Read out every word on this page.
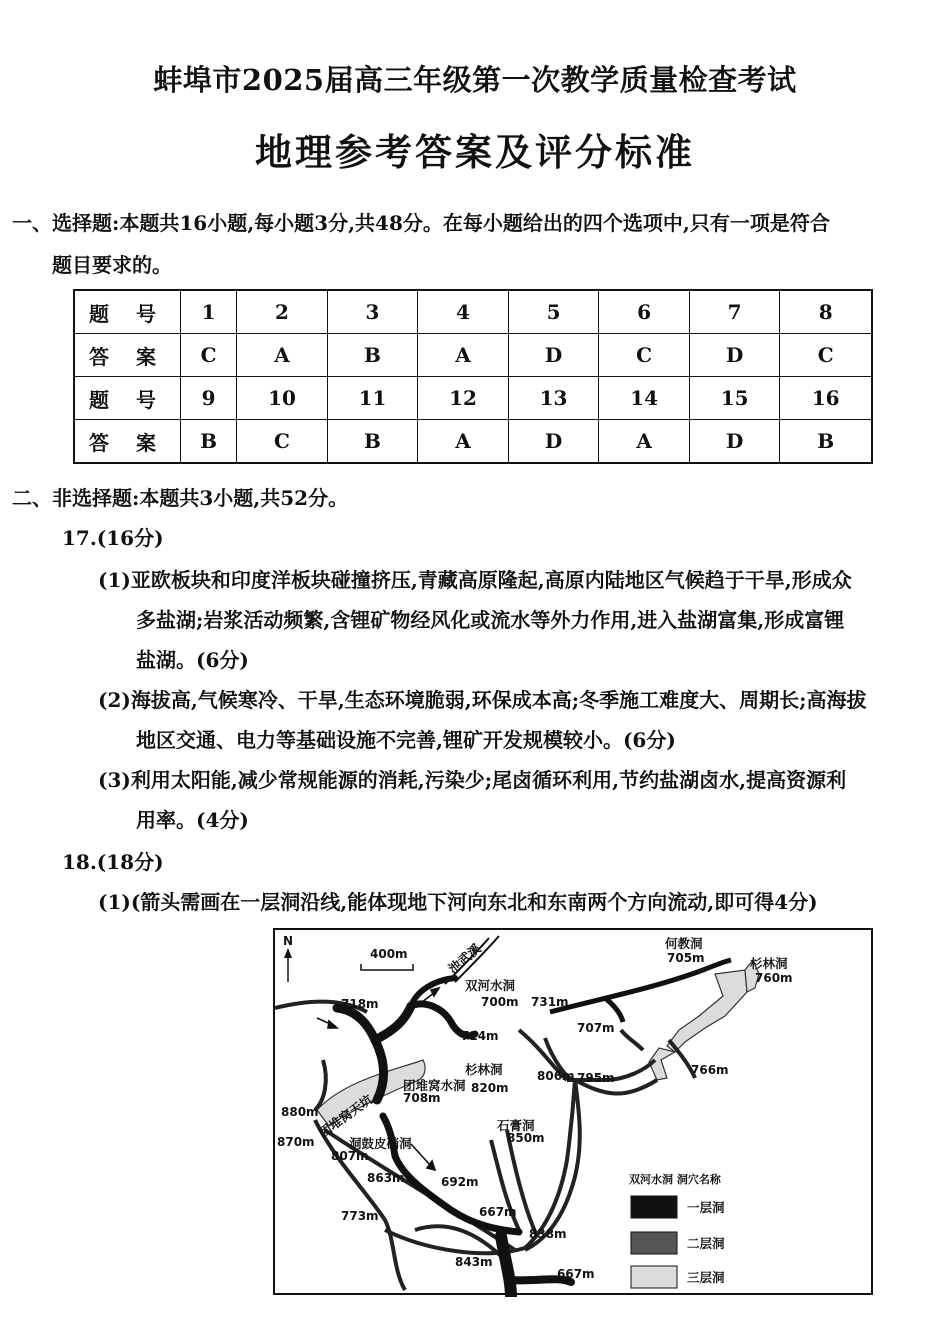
蚌埠市2025届高三年级第一次教学质量检查考试
地理参考答案及评分标准
一、选择题:本题共16小题,每小题3分,共48分。在每小题给出的四个选项中,只有一项是符合
题目要求的。
题 号	1	2	3	4	5	6	7	8
答 案	C	A	B	A	D	C	D	C
题 号	9	10	11	12	13	14	15	16
答 案	B	C	B	A	D	A	D	B
二、非选择题:本题共3小题,共52分。
17.(16分)
(1)亚欧板块和印度洋板块碰撞挤压,青藏高原隆起,高原内陆地区气候趋于干旱,形成众
多盐湖;岩浆活动频繁,含锂矿物经风化或流水等外力作用,进入盐湖富集,形成富锂
盐湖。(6分)
(2)海拔高,气候寒冷、干旱,生态环境脆弱,环保成本高;冬季施工难度大、周期长;高海拔
地区交通、电力等基础设施不完善,锂矿开发规模较小。(6分)
(3)利用太阳能,减少常规能源的消耗,污染少;尾卤循环利用,节约盐湖卤水,提高资源利
用率。(4分)
18.(18分)
(1)(箭头需画在一层洞沿线,能体现地下河向东北和东南两个方向流动,即可得4分)
N
400m	池武溪
双河水洞
团堆窝水洞
杉林洞
何教洞
杉林洞
石膏洞
洞鼓皮硝洞
团堆窝天坑
718m	700m
714m
731m
707m
705m
760m
766m
806m 795m
820m
708m
880m
870m
807m
850m
863m	692m
667m
773m
838m
843m
667m
双河水洞 洞穴名称
一层洞
二层洞
三层洞
